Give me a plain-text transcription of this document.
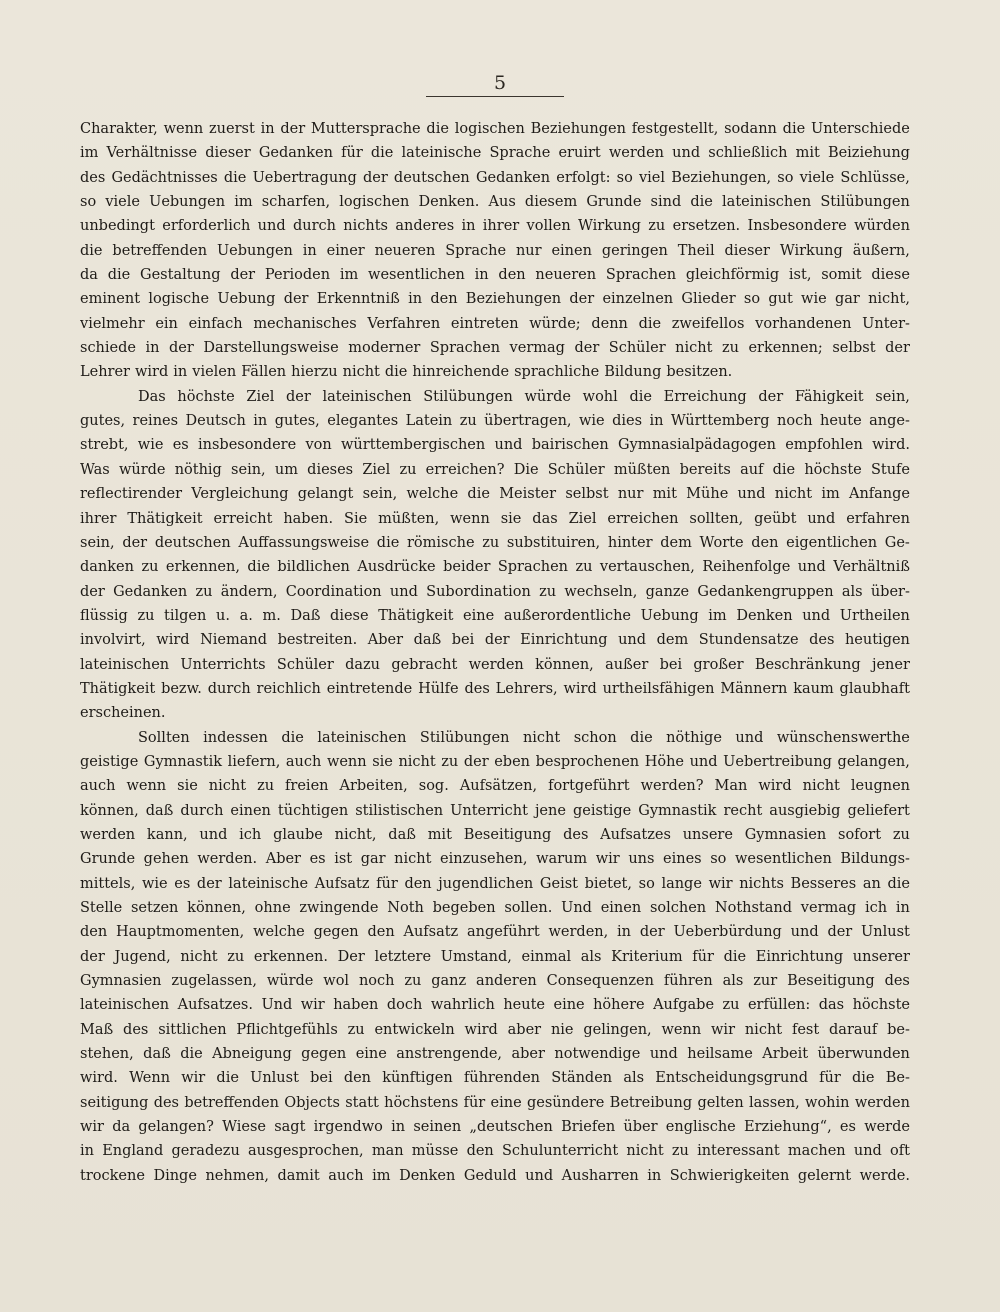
5
Charakter, wenn zuerst in der Muttersprache die logischen Beziehungen festgestellt, sodann die Unterschiede
im Verhältnisse dieser Gedanken für die lateinische Sprache eruirt werden und schließlich mit Beiziehung
des Gedächtnisses die Uebertragung der deutschen Gedanken erfolgt: so viel Beziehungen, so viele Schlüsse,
so viele Uebungen im scharfen, logischen Denken. Aus diesem Grunde sind die lateinischen Stilübungen
unbedingt erforderlich und durch nichts anderes in ihrer vollen Wirkung zu ersetzen. Insbesondere würden
die betreffenden Uebungen in einer neueren Sprache nur einen geringen Theil dieser Wirkung äußern,
da die Gestaltung der Perioden im wesentlichen in den neueren Sprachen gleichförmig ist, somit diese
eminent logische Uebung der Erkenntniß in den Beziehungen der einzelnen Glieder so gut wie gar nicht,
vielmehr ein einfach mechanisches Verfahren eintreten würde; denn die zweifellos vorhandenen Unter-
schiede in der Darstellungsweise moderner Sprachen vermag der Schüler nicht zu erkennen; selbst der
Lehrer wird in vielen Fällen hierzu nicht die hinreichende sprachliche Bildung besitzen.
Das höchste Ziel der lateinischen Stilübungen würde wohl die Erreichung der Fähigkeit sein,
gutes, reines Deutsch in gutes, elegantes Latein zu übertragen, wie dies in Württemberg noch heute ange-
strebt, wie es insbesondere von württembergischen und bairischen Gymnasialpädagogen empfohlen wird.
Was würde nöthig sein, um dieses Ziel zu erreichen? Die Schüler müßten bereits auf die höchste Stufe
reflectirender Vergleichung gelangt sein, welche die Meister selbst nur mit Mühe und nicht im Anfange
ihrer Thätigkeit erreicht haben. Sie müßten, wenn sie das Ziel erreichen sollten, geübt und erfahren
sein, der deutschen Auffassungsweise die römische zu substituiren, hinter dem Worte den eigentlichen Ge-
danken zu erkennen, die bildlichen Ausdrücke beider Sprachen zu vertauschen, Reihenfolge und Verhältniß
der Gedanken zu ändern, Coordination und Subordination zu wechseln, ganze Gedankengruppen als über-
flüssig zu tilgen u. a. m. Daß diese Thätigkeit eine außerordentliche Uebung im Denken und Urtheilen
involvirt, wird Niemand bestreiten. Aber daß bei der Einrichtung und dem Stundensatze des heutigen
lateinischen Unterrichts Schüler dazu gebracht werden können, außer bei großer Beschränkung jener
Thätigkeit bezw. durch reichlich eintretende Hülfe des Lehrers, wird urtheilsfähigen Männern kaum glaubhaft
erscheinen.
Sollten indessen die lateinischen Stilübungen nicht schon die nöthige und wünschenswerthe
geistige Gymnastik liefern, auch wenn sie nicht zu der eben besprochenen Höhe und Uebertreibung gelangen,
auch wenn sie nicht zu freien Arbeiten, sog. Aufsätzen, fortgeführt werden? Man wird nicht leugnen
können, daß durch einen tüchtigen stilistischen Unterricht jene geistige Gymnastik recht ausgiebig geliefert
werden kann, und ich glaube nicht, daß mit Beseitigung des Aufsatzes unsere Gymnasien sofort zu
Grunde gehen werden. Aber es ist gar nicht einzusehen, warum wir uns eines so wesentlichen Bildungs-
mittels, wie es der lateinische Aufsatz für den jugendlichen Geist bietet, so lange wir nichts Besseres an die
Stelle setzen können, ohne zwingende Noth begeben sollen. Und einen solchen Nothstand vermag ich in
den Hauptmomenten, welche gegen den Aufsatz angeführt werden, in der Ueberbürdung und der Unlust
der Jugend, nicht zu erkennen. Der letztere Umstand, einmal als Kriterium für die Einrichtung unserer
Gymnasien zugelassen, würde wol noch zu ganz anderen Consequenzen führen als zur Beseitigung des
lateinischen Aufsatzes. Und wir haben doch wahrlich heute eine höhere Aufgabe zu erfüllen: das höchste
Maß des sittlichen Pflichtgefühls zu entwickeln wird aber nie gelingen, wenn wir nicht fest darauf be-
stehen, daß die Abneigung gegen eine anstrengende, aber notwendige und heilsame Arbeit überwunden
wird. Wenn wir die Unlust bei den künftigen führenden Ständen als Entscheidungsgrund für die Be-
seitigung des betreffenden Objects statt höchstens für eine gesündere Betreibung gelten lassen, wohin werden
wir da gelangen? Wiese sagt irgendwo in seinen „deutschen Briefen über englische Erziehung“, es werde
in England geradezu ausgesprochen, man müsse den Schulunterricht nicht zu interessant machen und oft
trockene Dinge nehmen, damit auch im Denken Geduld und Ausharren in Schwierigkeiten gelernt werde.
